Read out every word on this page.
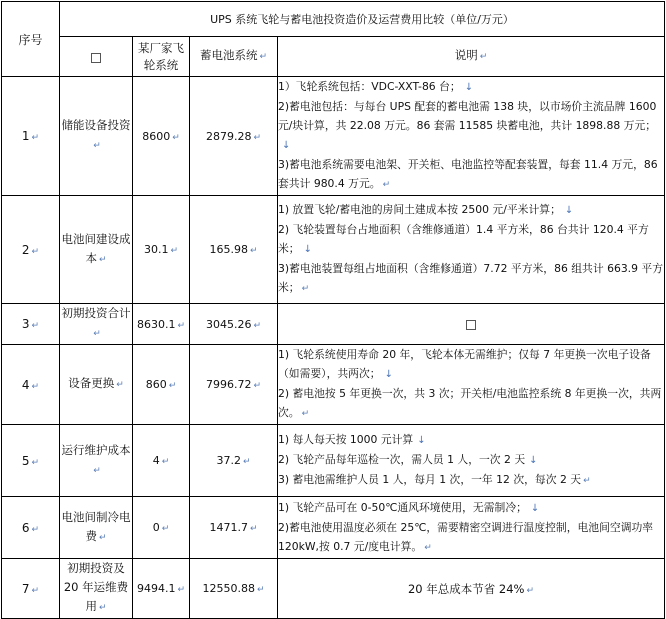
序号	UPS 系统飞轮与蓄电池投资造价及运营费用比较（单位/万元）			
		某厂家飞轮系统	蓄电池系统 ↵	说明 ↵
1 ↵	储能设备投资↵	8600 ↵	2879.28 ↵	1）飞轮系统包括：VDC-XXT-86 台； ↓
2)蓄电池包括：与每台 UPS 配套的蓄电池需 138 块，以市场价主流品牌 1600 元/块计算，共 22.08 万元。86 套需 11585 块蓄电池，共计 1898.88 万元；↓
3)蓄电池系统需要电池架、开关柜、电池监控等配套装置，每套 11.4 万元，86 套共计 980.4 万元。 ↵

2 ↵	电池间建设成本 ↵	30.1 ↵	165.98 ↵	1) 放置飞轮/蓄电池的房间土建成本按 2500 元/平米计算； ↓
2) 飞轮装置每台占地面积（含维修通道）1.4 平方米，86 台共计 120.4 平方米； ↓
3)蓄电池装置每组占地面积（含维修通道）7.72 平方米，86 组共计 663.9 平方米； ↵

3 ↵	初期投资合计↵	8630.1 ↵	3045.26 ↵	
4 ↵	设备更换 ↵	860 ↵	7996.72 ↵	1) 飞轮系统使用寿命 20 年，飞轮本体无需维护；仅每 7 年更换一次电子设备（如需要），共两次； ↓
2) 蓄电池按 5 年更换一次，共 3 次；开关柜/电池监控系统 8 年更换一次，共两次。 ↵

5 ↵	运行维护成本↵	4 ↵	37.2 ↵	1) 每人每天按 1000 元计算 ↓
2) 飞轮产品每年巡检一次，需人员 1 人，一次 2 天 ↓
3) 蓄电池需维护人员 1 人，每月 1 次，一年 12 次，每次 2 天 ↵

6 ↵	电池间制冷电费 ↵	0 ↵	1471.7 ↵	1) 飞轮产品可在 0-50℃通风环境使用，无需制冷； ↓
2)蓄电池使用温度必须在 25℃，需要精密空调进行温度控制，电池间空调功率 120kW,按 0.7 元/度电计算。 ↵

7 ↵	初期投资及 20 年运维费用 ↵	9494.1 ↵	12550.88 ↵	20 年总成本节省 24% ↵
